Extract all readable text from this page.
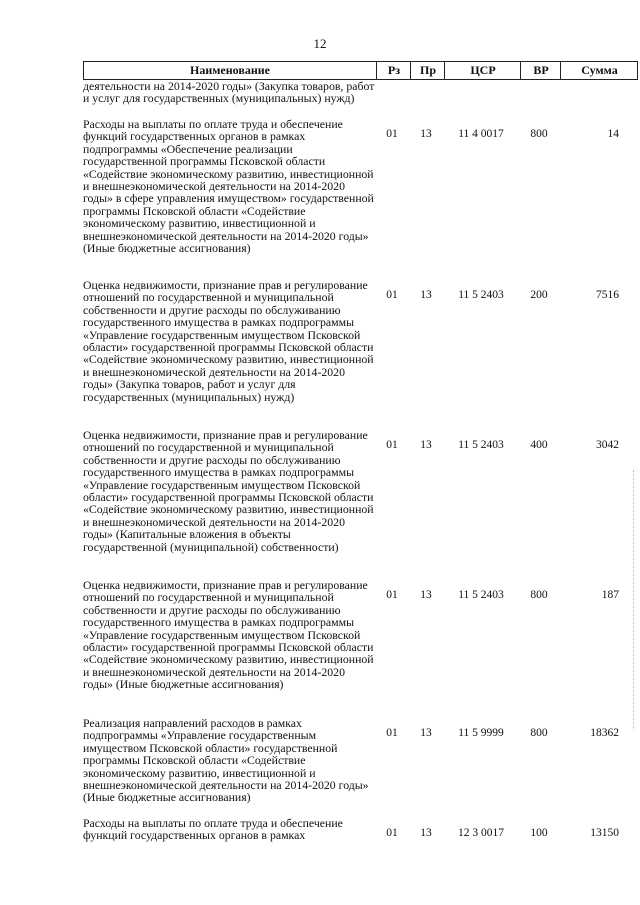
12
Наименование	Рз	Пр	ЦСР	ВР	Сумма
деятельности на 2014-2020 годы» (Закупка товаров, работ и услуг для государственных (муниципальных) нужд)
Расходы на выплаты по оплате труда и обеспечение функций государственных органов в рамках подпрограммы «Обеспечение реализации государственной программы Псковской области «Содействие экономическому развитию, инвестиционной и внешнеэкономической деятельности на 2014-2020 годы» в сфере управления имуществом» государственной программы Псковской области «Содействие экономическому развитию, инвестиционной и внешнеэкономической деятельности на 2014-2020 годы» (Иные бюджетные ассигнования)
01	13	11 4 0017	800	14
Оценка недвижимости, признание прав и регулирование отношений по государственной и муниципальной собственности и другие расходы по обслуживанию государственного имущества в рамках подпрограммы «Управление государственным имуществом Псковской области» государственной программы Псковской области «Содействие экономическому развитию, инвестиционной и внешнеэкономической деятельности на 2014-2020 годы» (Закупка товаров, работ и услуг для государственных (муниципальных) нужд)
01	13	11 5 2403	200	7516
Оценка недвижимости, признание прав и регулирование отношений по государственной и муниципальной собственности и другие расходы по обслуживанию государственного имущества в рамках подпрограммы «Управление государственным имуществом Псковской области» государственной программы Псковской области «Содействие экономическому развитию, инвестиционной и внешнеэкономической деятельности на 2014-2020 годы» (Капитальные вложения в объекты государственной (муниципальной) собственности)
01	13	11 5 2403	400	3042
Оценка недвижимости, признание прав и регулирование отношений по государственной и муниципальной собственности и другие расходы по обслуживанию государственного имущества в рамках подпрограммы «Управление государственным имуществом Псковской области» государственной программы Псковской области «Содействие экономическому развитию, инвестиционной и внешнеэкономической деятельности на 2014-2020 годы» (Иные бюджетные ассигнования)
01	13	11 5 2403	800	187
Реализация направлений расходов в рамках подпрограммы «Управление государственным имуществом Псковской области» государственной программы Псковской области «Содействие экономическому развитию, инвестиционной и внешнеэкономической деятельности на 2014-2020 годы» (Иные бюджетные ассигнования)
01	13	11 5 9999	800	18362
Расходы на выплаты по оплате труда и обеспечение функций государственных органов в рамках	01	13	12 3 0017	100	13150
